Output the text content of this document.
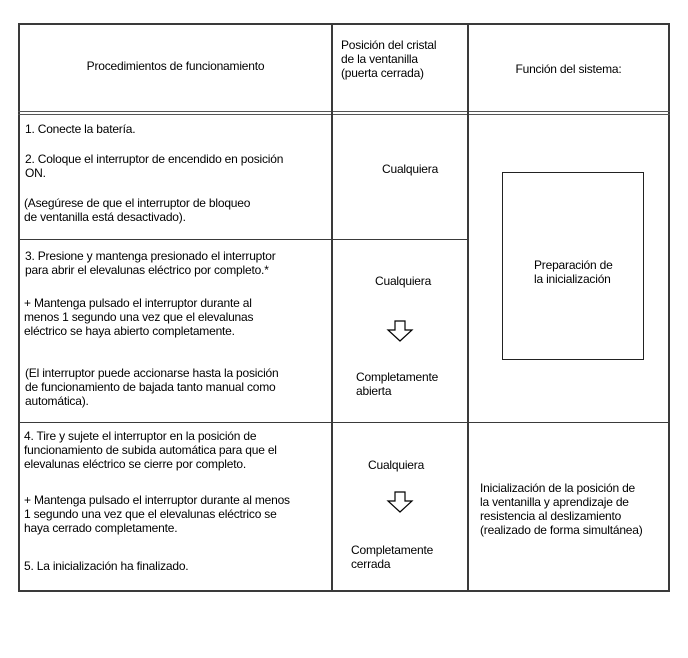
Procedimientos de funcionamiento
Posición del cristal
de la ventanilla
(puerta cerrada)	Función del sistema:
1. Conecte la batería.
2. Coloque el interruptor de encendido en posición
ON.
(Asegúrese de que el interruptor de bloqueo
de ventanilla está desactivado).
Cualquiera
3. Presione y mantenga presionado el interruptor
para abrir el elevalunas eléctrico por completo.*
+ Mantenga pulsado el interruptor durante al
menos 1 segundo una vez que el elevalunas
eléctrico se haya abierto completamente.
(El interruptor puede accionarse hasta la posición
de funcionamiento de bajada tanto manual como
automática).
Cualquiera
Completamente
abierta
Preparación de
la inicialización
4. Tire y sujete el interruptor en la posición de
funcionamiento de subida automática para que el
elevalunas eléctrico se cierre por completo.
+ Mantenga pulsado el interruptor durante al menos
1 segundo una vez que el elevalunas eléctrico se
haya cerrado completamente.
5. La inicialización ha finalizado.
Cualquiera
Completamente
cerrada
Inicialización de la posición de
la ventanilla y aprendizaje de
resistencia al deslizamiento
(realizado de forma simultánea)
